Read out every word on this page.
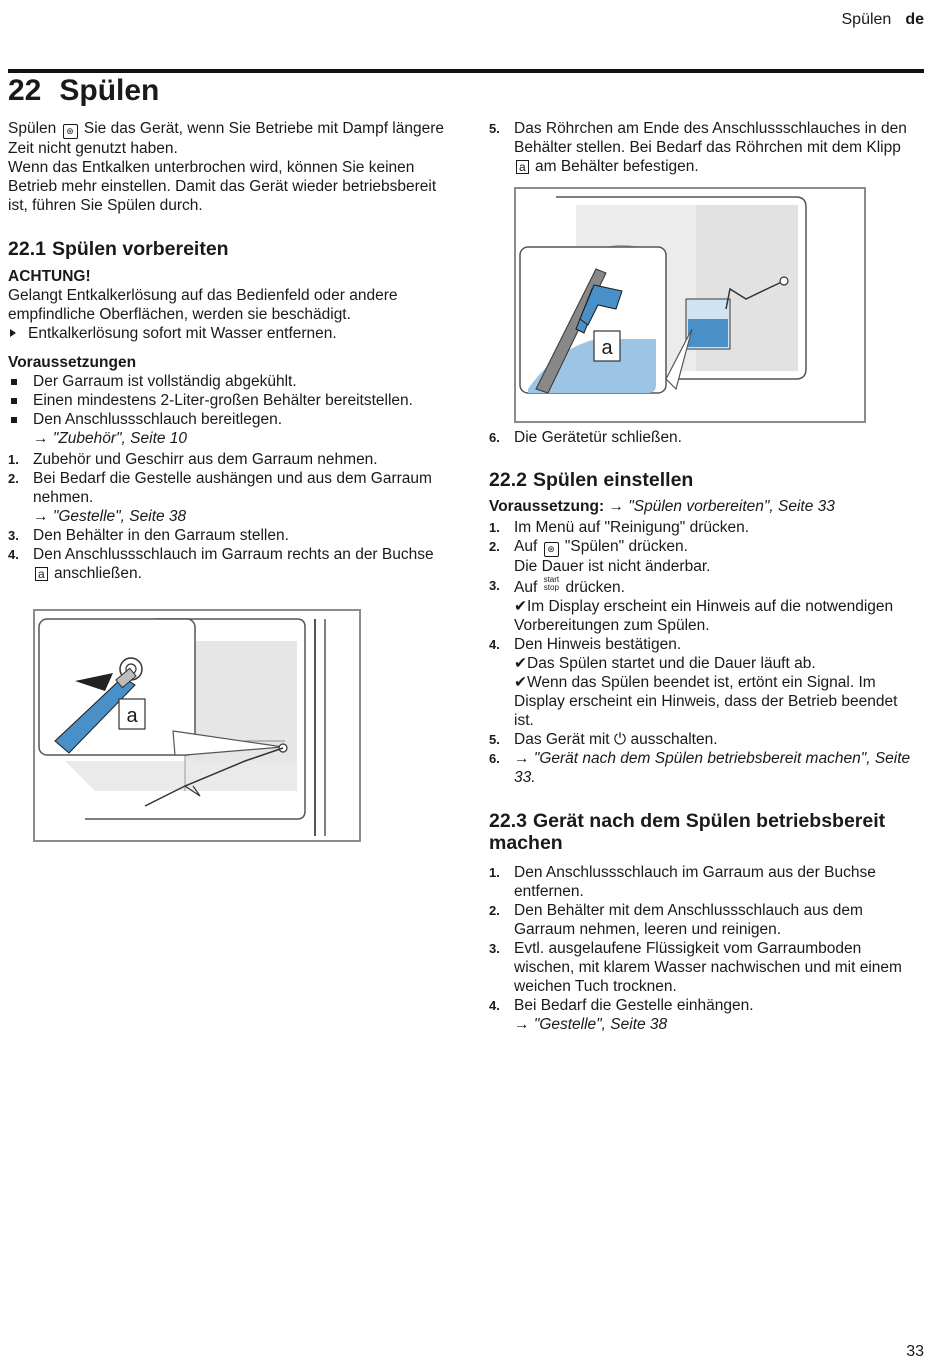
Spülen de
22 Spülen

Spülen ⊛ Sie das Gerät, wenn Sie Betriebe mit Dampf längere Zeit nicht genutzt haben.

Wenn das Entkalken unterbrochen wird, können Sie keinen Betrieb mehr einstellen. Damit das Gerät wieder betriebsbereit ist, führen Sie Spülen durch.

22.1 Spülen vorbereiten

ACHTUNG!

Gelangt Entkalkerlösung auf das Bedienfeld oder andere empfindliche Oberflächen, werden sie beschädigt.

Entkalkerlösung sofort mit Wasser entfernen.

Voraussetzungen

Der Garraum ist vollständig abgekühlt.
Einen mindestens 2-Liter-großen Behälter bereitstellen.
Den Anschlussschlauch bereitlegen.
→ "Zubehör", Seite 10
1. Zubehör und Geschirr aus dem Garraum nehmen.
2. Bei Bedarf die Gestelle aushängen und aus dem Garraum nehmen.
→ "Gestelle", Seite 38
3. Den Behälter in den Garraum stellen.
4. Den Anschlussschlauch im Garraum rechts an der Buchse a anschließen.
a
5. Das Röhrchen am Ende des Anschlussschlauches in den Behälter stellen. Bei Bedarf das Röhrchen mit dem Klipp a am Behälter befestigen.
a
6. Die Gerätetür schließen.
22.2 Spülen einstellen

Voraussetzung: → "Spülen vorbereiten", Seite 33

1. Im Menü auf "Reinigung" drücken.
2. Auf ⊛ "Spülen" drücken.
Die Dauer ist nicht änderbar.
3. Auf start
stop drücken.
✔Im Display erscheint ein Hinweis auf die notwendigen Vorbereitungen zum Spülen.
4. Den Hinweis bestätigen.
✔Das Spülen startet und die Dauer läuft ab.
✔Wenn das Spülen beendet ist, ertönt ein Signal. Im Display erscheint ein Hinweis, dass der Betrieb beendet ist.
5. Das Gerät mit ⏻ ausschalten.
6. → "Gerät nach dem Spülen betriebsbereit machen", Seite 33.
22.3 Gerät nach dem Spülen betriebsbereit machen
1. Den Anschlussschlauch im Garraum aus der Buchse entfernen.
2. Den Behälter mit dem Anschlussschlauch aus dem Garraum nehmen, leeren und reinigen.
3. Evtl. ausgelaufene Flüssigkeit vom Garraumboden wischen, mit klarem Wasser nachwischen und mit einem weichen Tuch trocknen.
4. Bei Bedarf die Gestelle einhängen.
→ "Gestelle", Seite 38
33
